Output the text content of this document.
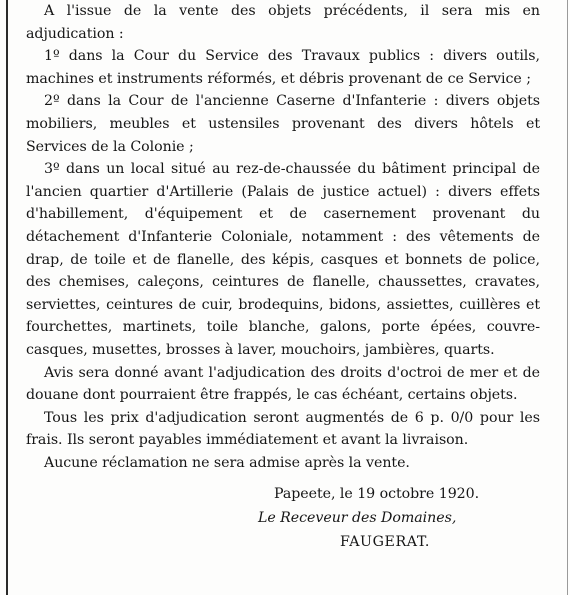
A l'issue de la vente des objets précédents, il sera mis en adjudication :

1º dans la Cour du Service des Travaux publics : divers outils, machines et instruments réformés, et débris provenant de ce Service ;

2º dans la Cour de l'ancienne Caserne d'Infanterie : divers objets mobiliers, meubles et ustensiles provenant des divers hôtels et Services de la Colonie ;

3º dans un local situé au rez-de-chaussée du bâtiment principal de l'ancien quartier d'Artillerie (Palais de justice actuel) : divers effets d'habillement, d'équipement et de casernement provenant du détachement d'Infanterie Coloniale, notamment : des vêtements de drap, de toile et de flanelle, des képis, casques et bonnets de police, des chemises, caleçons, ceintures de flanelle, chaussettes, cravates, serviettes, ceintures de cuir, brodequins, bidons, assiettes, cuillères et fourchettes, martinets, toile blanche, galons, porte épées, couvre-casques, musettes, brosses à laver, mouchoirs, jambières, quarts.

Avis sera donné avant l'adjudication des droits d'octroi de mer et de douane dont pourraient être frappés, le cas échéant, certains objets.

Tous les prix d'adjudication seront augmentés de 6 p. 0/0 pour les frais. Ils seront payables immédiatement et avant la livraison.

Aucune réclamation ne sera admise après la vente.

Papeete, le 19 octobre 1920.

Le Receveur des Domaines,

FAUGERAT.
